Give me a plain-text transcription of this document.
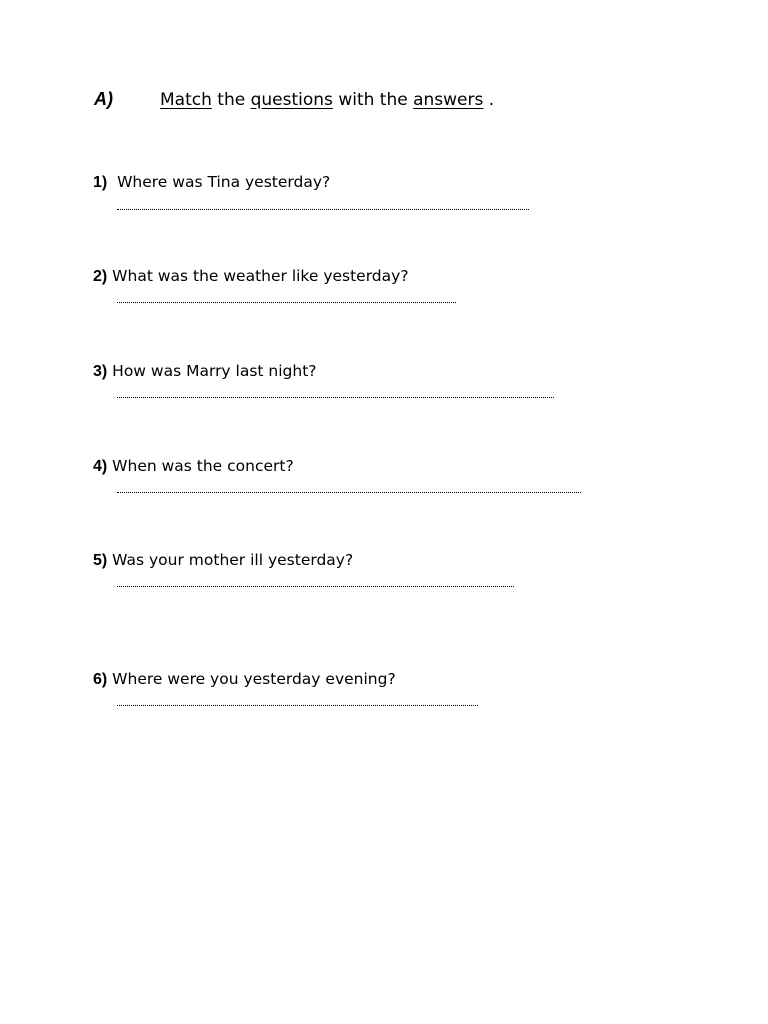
A)	Match the questions with the answers .
1) Where was Tina yesterday?
2) What was the weather like yesterday?
3) How was Marry last night?
4) When was the concert?
5) Was your mother ill yesterday?
6) Where were you yesterday evening?
